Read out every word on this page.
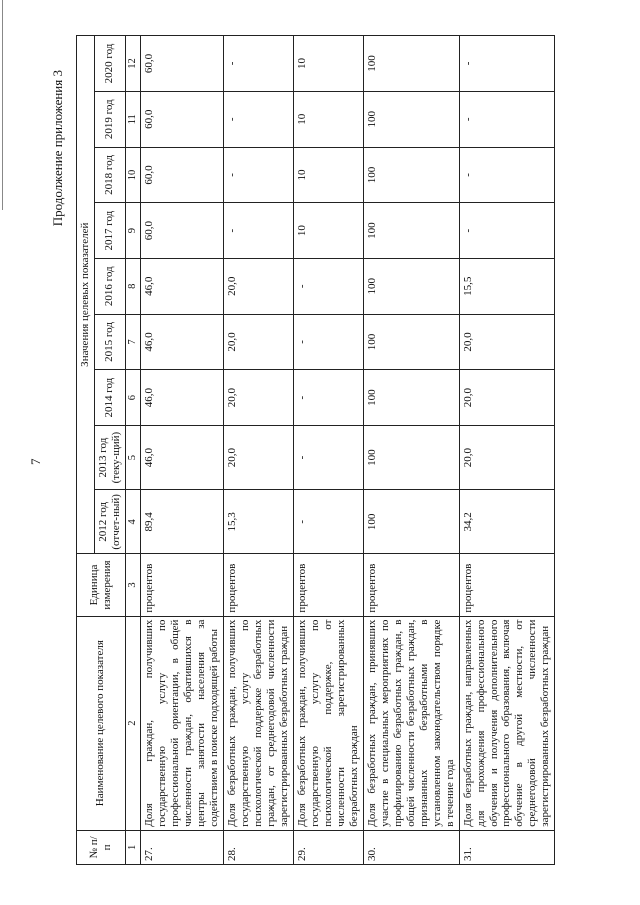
7
Продолжение приложения 3
№ п/п	Наименование целевого показателя	Единица измерения	Значения целевых показателей								
			2012 год (отчет-ный)	2013 год (теку-щий)	2014 год	2015 год	2016 год	2017 год	2018 год	2019 год	2020 год
1	2	3	4	5	6	7	8	9	10	11	12
27.	Доля граждан, получивших государственную услугу по профессиональной ориентации, в общей численности граждан, обратившихся в центры занятости населения за содействием в поиске подходящей работы	процентов	89,4	46,0	46,0	46,0	46,0	60,0	60,0	60,0	60,0
28.	Доля безработных граждан, получивших государственную услугу по психологической поддержке безработных граждан, от среднегодовой численности зарегистрированных безработных граждан	процентов	15,3	20,0	20,0	20,0	20,0	-	-	-	-
29.	Доля безработных граждан, получивших государственную услугу по психологической поддержке, от численности зарегистрированных безработных граждан	процентов	-	-	-	-	-	10	10	10	10
30.	Доля безработных граждан, принявших участие в специальных мероприятиях по профилированию безработных граждан, в общей численности безработных граждан, признанных безработными в установленном законодательством порядке в течение года	процентов	100	100	100	100	100	100	100	100	100
31.	Доля безработных граждан, направленных для прохождения профессионального обучения и получения дополнительного профессионального образования, включая обучение в другой местности, от среднегодовой численности зарегистрированных безработных граждан	процентов	34,2	20,0	20,0	20,0	15,5	-	-	-	-
